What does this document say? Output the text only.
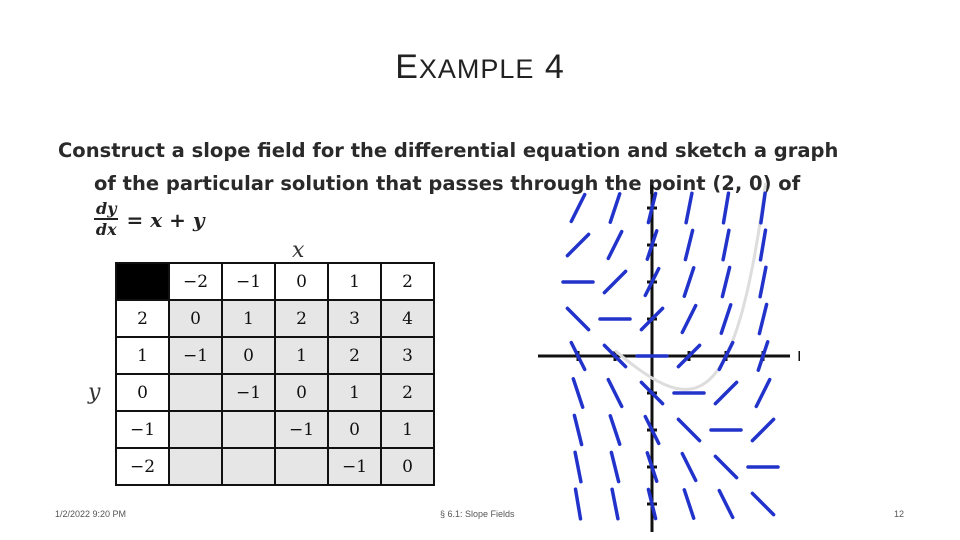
EXAMPLE 4
Construct a slope field for the differential equation and sketch a graph
of the particular solution that passes through the point (2, 0) of
$\frac{dy}{dx} = x + y$
x
y
	−2	−1	0	1	2
2	0	1	2	3	4
1	−1	0	1	2	3
0		−1	0	1	2
−1			−1	0	1
−2				−1	0
1/2/2022 9:20 PM	§ 6.1: Slope Fields	12
